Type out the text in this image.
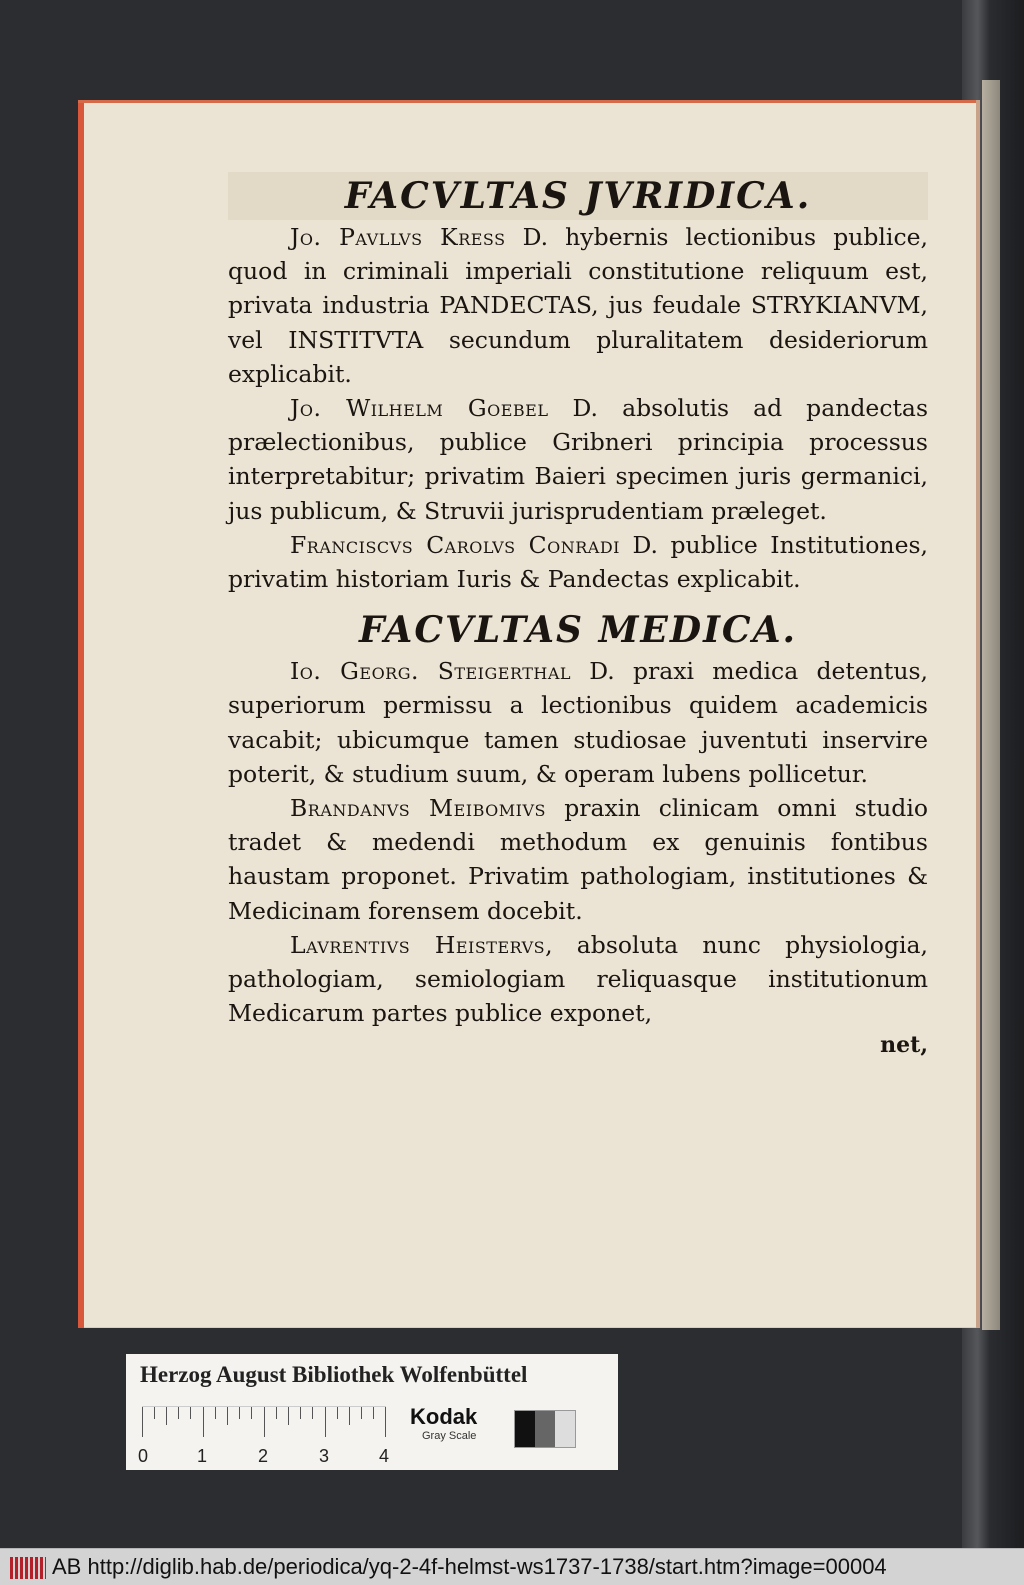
FACVLTAS JVRIDICA.

Jo. Pavllvs Kress D. hybernis lectionibus publice, quod in criminali imperiali constitutione reliquum est, privata industria PANDECTAS, jus feudale STRYKIANVM, vel INSTITVTA secundum pluralitatem desideriorum explicabit.

Jo. Wilhelm Goebel D. absolutis ad pandectas prælectionibus, publice Gribneri principia processus interpretabitur; privatim Baieri specimen juris germanici, jus publicum, & Struvii jurisprudentiam præleget.

Franciscvs Carolvs Conradi D. publice Institutiones, privatim historiam Iuris & Pandectas explicabit.

FACVLTAS MEDICA.

Io. Georg. Steigerthal D. praxi medica detentus, superiorum permissu a lectionibus quidem academicis vacabit; ubicumque tamen studiosae juventuti inservire poterit, & studium suum, & operam lubens pollicetur.

Brandanvs Meibomivs praxin clinicam omni studio tradet & medendi methodum ex genuinis fontibus haustam proponet. Privatim pathologiam, institutiones & Medicinam forensem docebit.

Lavrentivs Heistervs, absoluta nunc physiologia, pathologiam, semiologiam reliquasque institutionum Medicarum partes publice exponet,

net,

Herzog August Bibliothek Wolfenbüttel
0	1	2	3	4
Kodak
Gray Scale
AB http://diglib.hab.de/periodica/yq-2-4f-helmst-ws1737-1738/start.htm?image=00004
